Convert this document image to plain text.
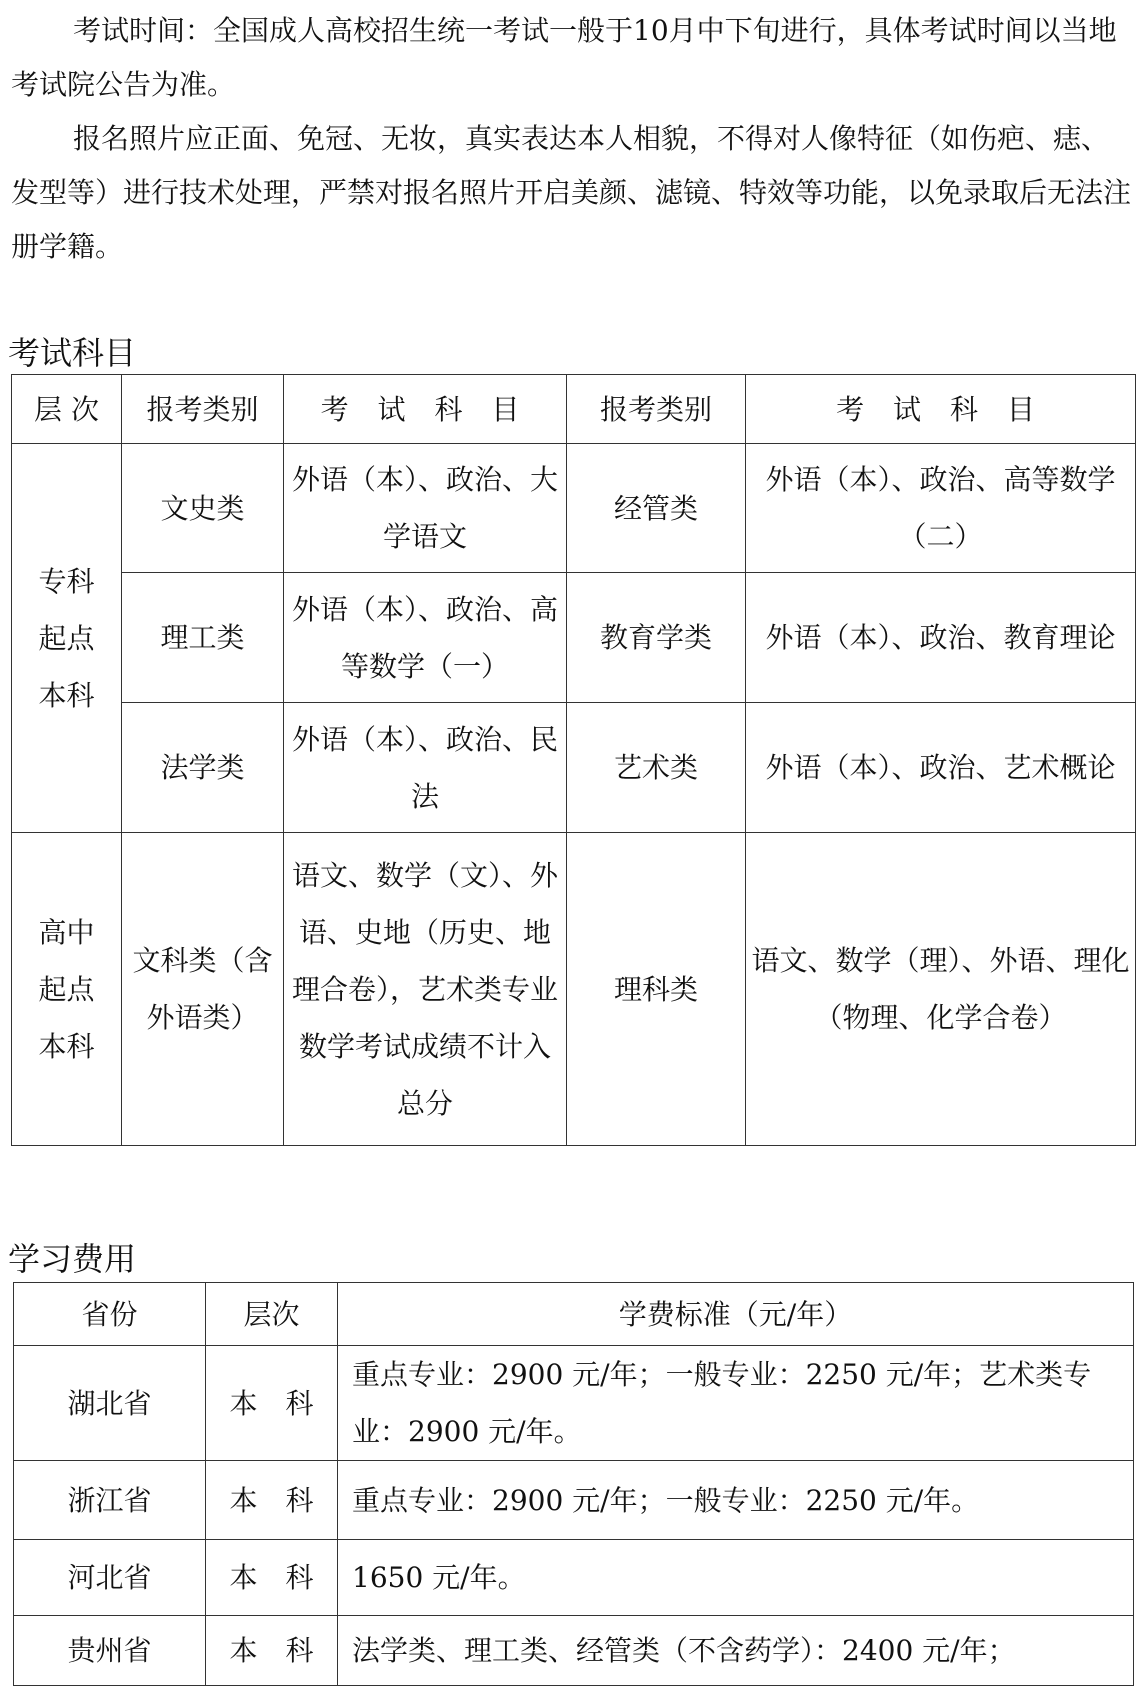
考试时间：全国成人高校招生统一考试一般于10月中下旬进行，具体考试时间以当地考试院公告为准。

报名照片应正面、免冠、无妆，真实表达本人相貌，不得对人像特征（如伤疤、痣、发型等）进行技术处理，严禁对报名照片开启美颜、滤镜、特效等功能，以免录取后无法注册学籍。

考试科目
层 次	报考类别	考 试 科 目	报考类别	考 试 科 目
专科起点本科	文史类	外语（本）、政治、大学语文	经管类	外语（本）、政治、高等数学（二）
	理工类	外语（本）、政治、高等数学（一）	教育学类	外语（本）、政治、教育理论
	法学类	外语（本）、政治、民法	艺术类	外语（本）、政治、艺术概论
高中起点本科	文科类（含外语类）	语文、数学（文）、外语、史地（历史、地理合卷），艺术类专业数学考试成绩不计入总分	理科类	语文、数学（理）、外语、理化（物理、化学合卷）
学习费用
省份	层次	学费标准（元/年）
湖北省	本　科	重点专业：2900 元/年；一般专业：2250 元/年；艺术类专业：2900 元/年。
浙江省	本　科	重点专业：2900 元/年；一般专业：2250 元/年。
河北省	本　科	1650 元/年。
贵州省	本　科	法学类、理工类、经管类（不含药学）：2400 元/年；
